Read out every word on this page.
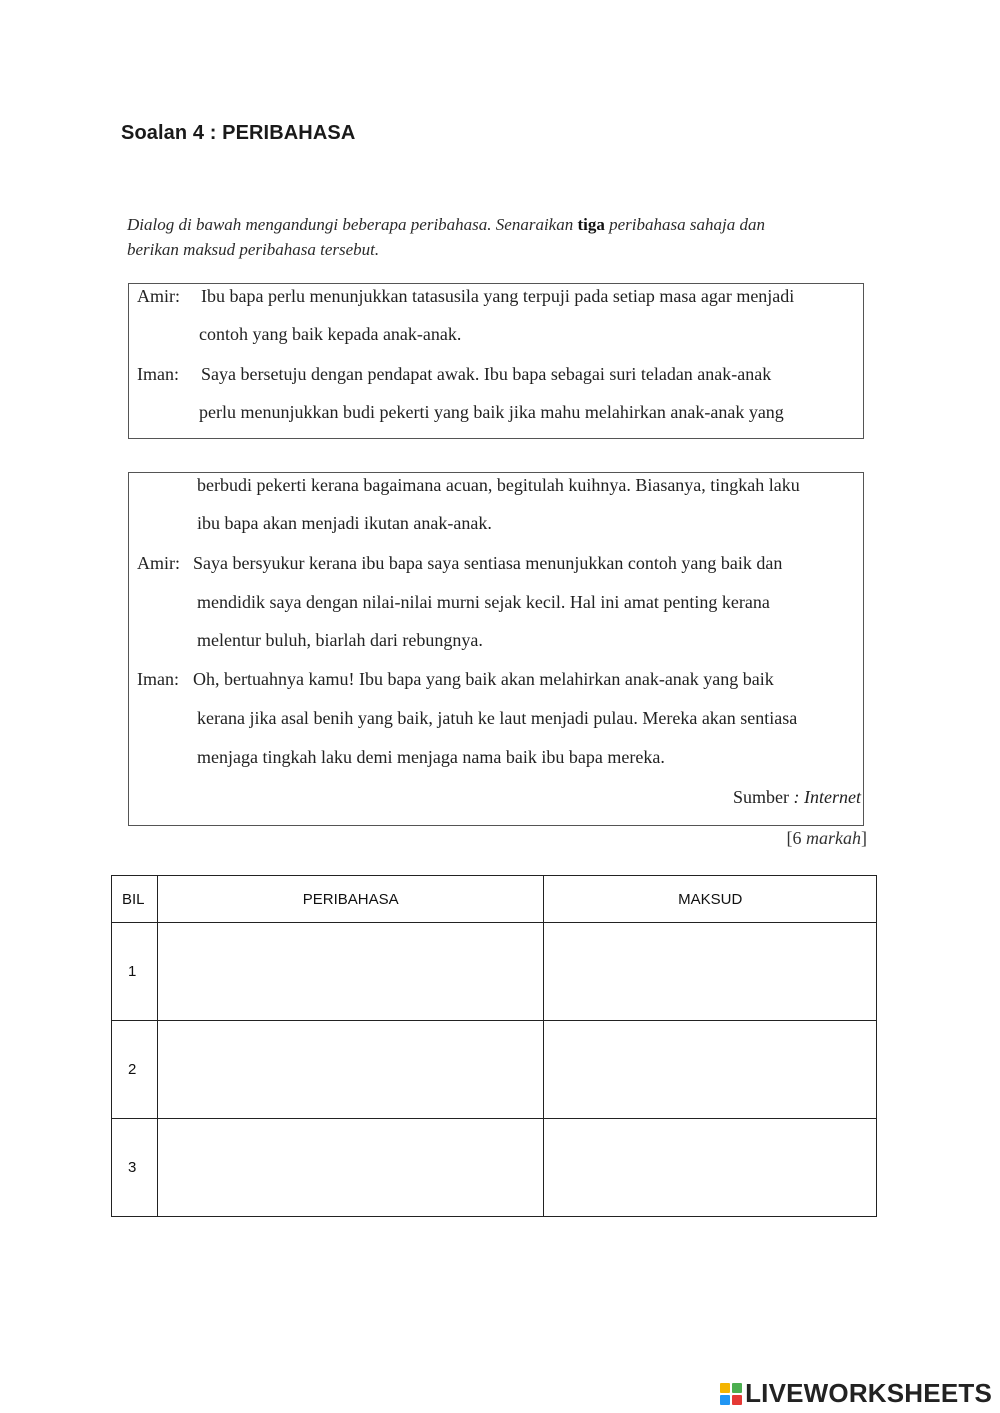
Soalan 4 : PERIBAHASA
Dialog di bawah mengandungi beberapa peribahasa. Senaraikan tiga peribahasa sahaja dan
berikan maksud peribahasa tersebut.
Amir: Ibu bapa perlu menunjukkan tatasusila yang terpuji pada setiap masa agar menjadi
contoh yang baik kepada anak-anak.
Iman: Saya bersetuju dengan pendapat awak. Ibu bapa sebagai suri teladan anak-anak
perlu menunjukkan budi pekerti yang baik jika mahu melahirkan anak-anak yang
berbudi pekerti kerana bagaimana acuan, begitulah kuihnya. Biasanya, tingkah laku
ibu bapa akan menjadi ikutan anak-anak.
Amir: Saya bersyukur kerana ibu bapa saya sentiasa menunjukkan contoh yang baik dan
mendidik saya dengan nilai-nilai murni sejak kecil. Hal ini amat penting kerana
melentur buluh, biarlah dari rebungnya.
Iman: Oh, bertuahnya kamu! Ibu bapa yang baik akan melahirkan anak-anak yang baik
kerana jika asal benih yang baik, jatuh ke laut menjadi pulau. Mereka akan sentiasa
menjaga tingkah laku demi menjaga nama baik ibu bapa mereka.
Sumber : Internet
[6 markah]
BIL	PERIBAHASA	MAKSUD
1		
2		
3		
LIVEWORKSHEETS
